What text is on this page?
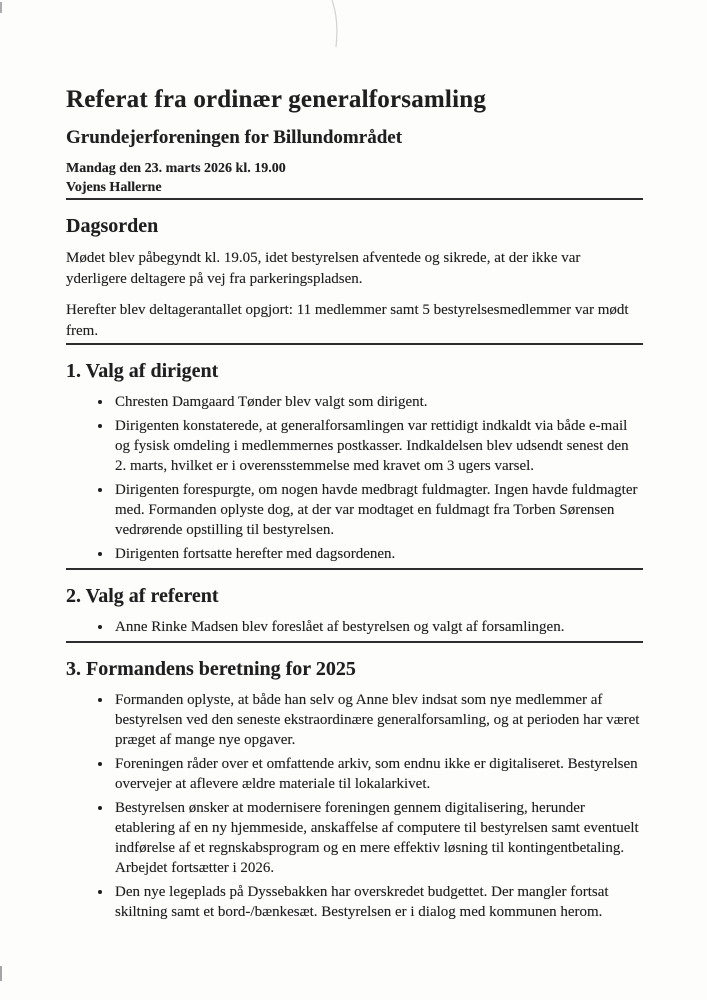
Referat fra ordinær generalforsamling
Grundejerforeningen for Billundområdet
Mandag den 23. marts 2026 kl. 19.00
Vojens Hallerne
Dagsorden

Mødet blev påbegyndt kl. 19.05, idet bestyrelsen afventede og sikrede, at der ikke var yderligere deltagere på vej fra parkeringspladsen.

Herefter blev deltagerantallet opgjort: 11 medlemmer samt 5 bestyrelsesmedlemmer var mødt frem.

1. Valg af dirigent
• Chresten Damgaard Tønder blev valgt som dirigent.
• Dirigenten konstaterede, at generalforsamlingen var rettidigt indkaldt via både e-mail og fysisk omdeling i medlemmernes postkasser. Indkaldelsen blev udsendt senest den 2. marts, hvilket er i overensstemmelse med kravet om 3 ugers varsel.
• Dirigenten forespurgte, om nogen havde medbragt fuldmagter. Ingen havde fuldmagter med. Formanden oplyste dog, at der var modtaget en fuldmagt fra Torben Sørensen vedrørende opstilling til bestyrelsen.
• Dirigenten fortsatte herefter med dagsordenen.
2. Valg af referent
• Anne Rinke Madsen blev foreslået af bestyrelsen og valgt af forsamlingen.
3. Formandens beretning for 2025
• Formanden oplyste, at både han selv og Anne blev indsat som nye medlemmer af bestyrelsen ved den seneste ekstraordinære generalforsamling, og at perioden har været præget af mange nye opgaver.
• Foreningen råder over et omfattende arkiv, som endnu ikke er digitaliseret. Bestyrelsen overvejer at aflevere ældre materiale til lokalarkivet.
• Bestyrelsen ønsker at modernisere foreningen gennem digitalisering, herunder etablering af en ny hjemmeside, anskaffelse af computere til bestyrelsen samt eventuelt indførelse af et regnskabsprogram og en mere effektiv løsning til kontingentbetaling. Arbejdet fortsætter i 2026.
• Den nye legeplads på Dyssebakken har overskredet budgettet. Der mangler fortsat skiltning samt et bord-/bænkesæt. Bestyrelsen er i dialog med kommunen herom.
